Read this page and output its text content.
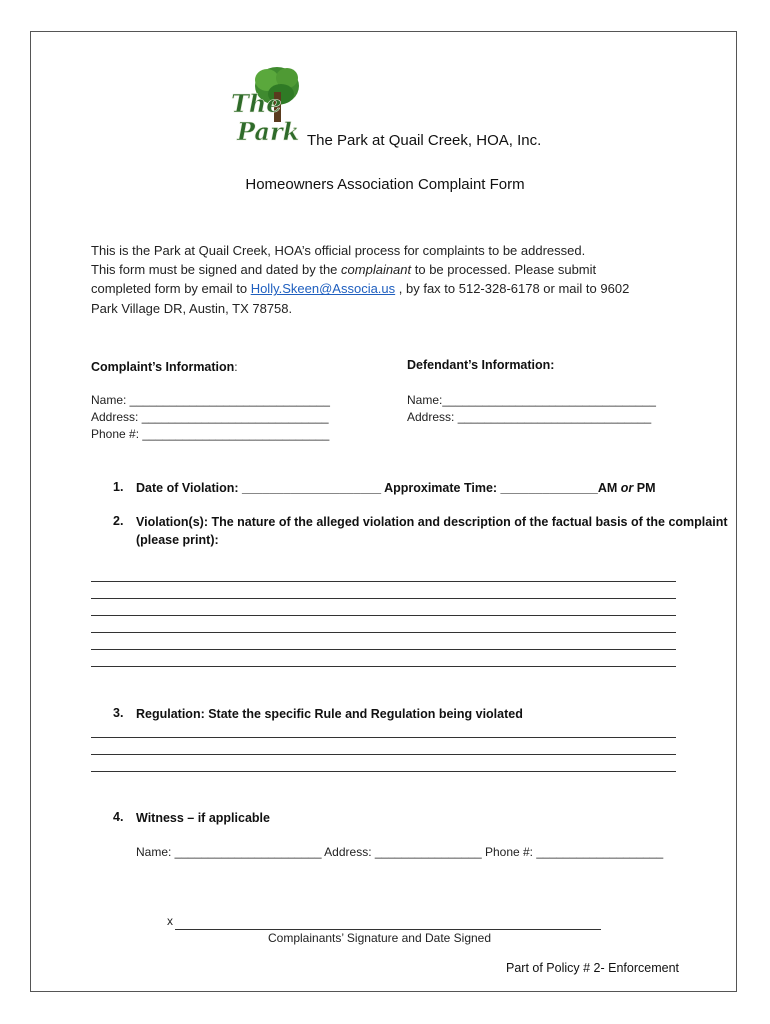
The
Park The Park at Quail Creek, HOA, Inc.
Homeowners Association Complaint Form
This is the Park at Quail Creek, HOA’s official process for complaints to be addressed.
This form must be signed and dated by the complainant to be processed. Please submit
completed form by email to Holly.Skeen@Associa.us , by fax to 512-328-6178 or mail to 9602
Park Village DR, Austin, TX 78758.
Complaint’s Information:
Name: ______________________________
Address: ____________________________
Phone #: ____________________________
Defendant’s Information:
Name:________________________________
Address: _____________________________
1. Date of Violation: ____________________ Approximate Time: ______________AM or PM
2. Violation(s): The nature of the alleged violation and description of the factual basis of the complaint
(please print):
3. Regulation: State the specific Rule and Regulation being violated
4. Witness – if applicable
Name: ______________________ Address: ________________ Phone #: ___________________
x
Complainants’ Signature and Date Signed
Part of Policy # 2- Enforcement
